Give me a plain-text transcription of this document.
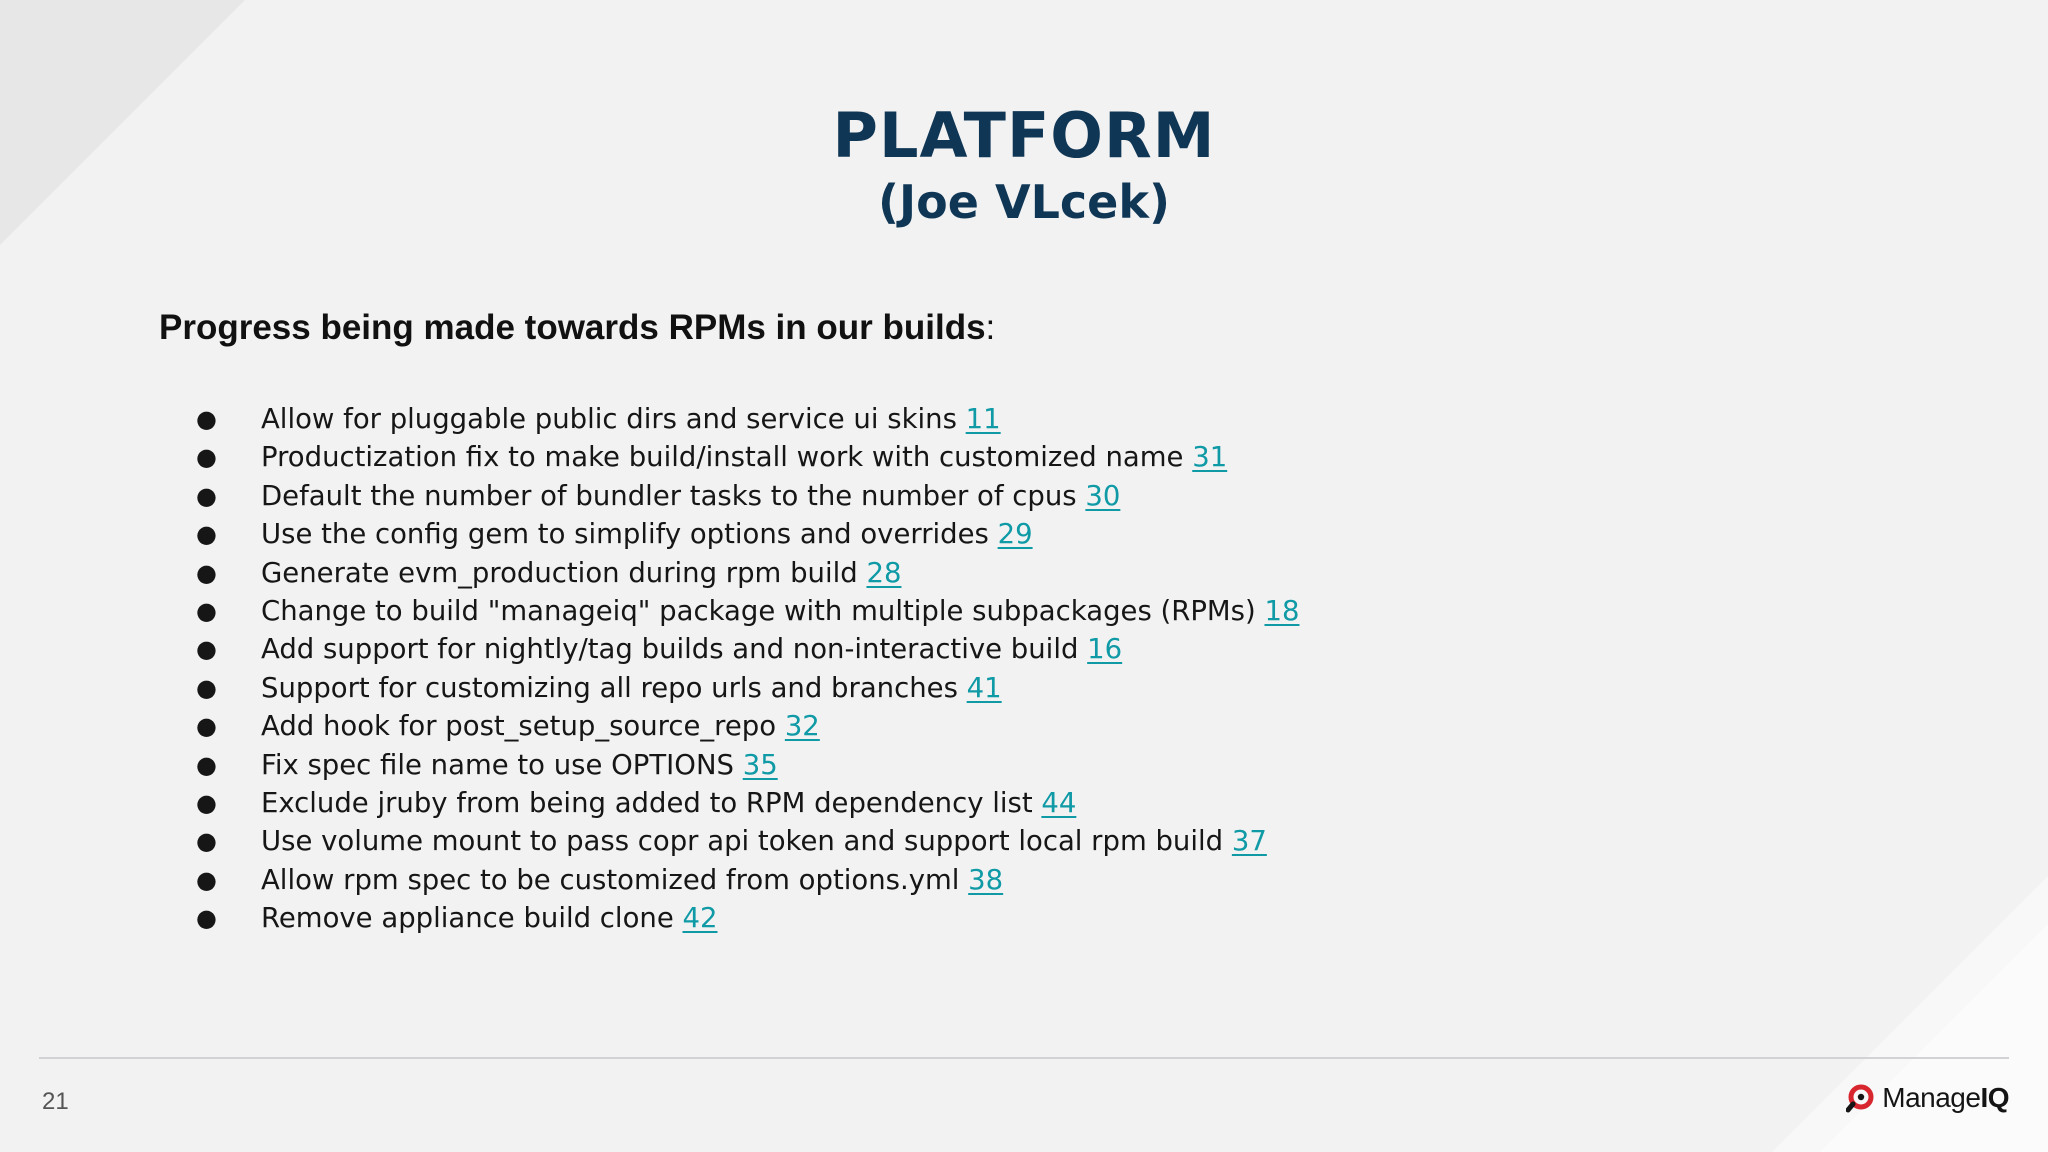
PLATFORM
(Joe VLcek)
Progress being made towards RPMs in our builds:
● Allow for pluggable public dirs and service ui skins 11
● Productization fix to make build/install work with customized name 31
● Default the number of bundler tasks to the number of cpus 30
● Use the config gem to simplify options and overrides 29
● Generate evm_production during rpm build 28
● Change to build "manageiq" package with multiple subpackages (RPMs) 18
● Add support for nightly/tag builds and non-interactive build 16
● Support for customizing all repo urls and branches 41
● Add hook for post_setup_source_repo 32
● Fix spec file name to use OPTIONS 35
● Exclude jruby from being added to RPM dependency list 44
● Use volume mount to pass copr api token and support local rpm build 37
● Allow rpm spec to be customized from options.yml 38
● Remove appliance build clone 42
21	ManageIQ
